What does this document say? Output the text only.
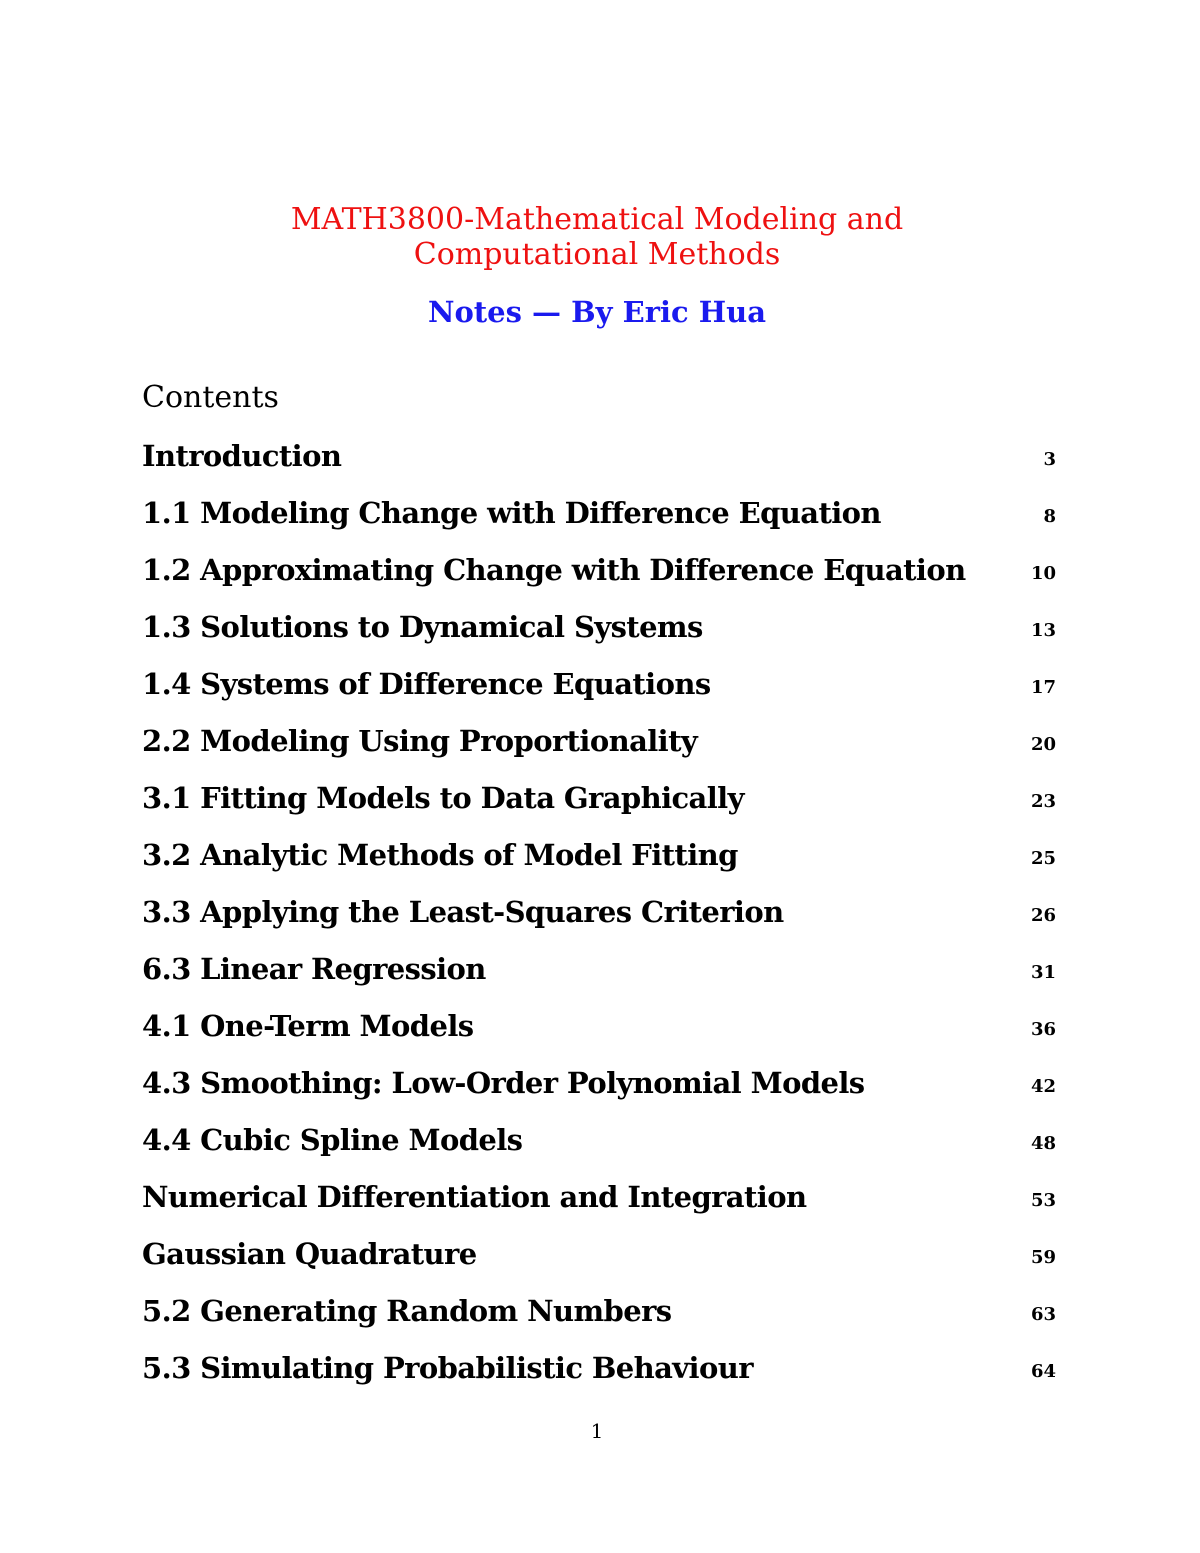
MATH3800-Mathematical Modeling and
Computational Methods
Notes — By Eric Hua
Contents
Introduction	3
1.1 Modeling Change with Difference Equation	8
1.2 Approximating Change with Difference Equation	10
1.3 Solutions to Dynamical Systems	13
1.4 Systems of Difference Equations	17
2.2 Modeling Using Proportionality	20
3.1 Fitting Models to Data Graphically	23
3.2 Analytic Methods of Model Fitting	25
3.3 Applying the Least-Squares Criterion	26
6.3 Linear Regression	31
4.1 One-Term Models	36
4.3 Smoothing: Low-Order Polynomial Models	42
4.4 Cubic Spline Models	48
Numerical Differentiation and Integration	53
Gaussian Quadrature	59
5.2 Generating Random Numbers	63
5.3 Simulating Probabilistic Behaviour	64
1
